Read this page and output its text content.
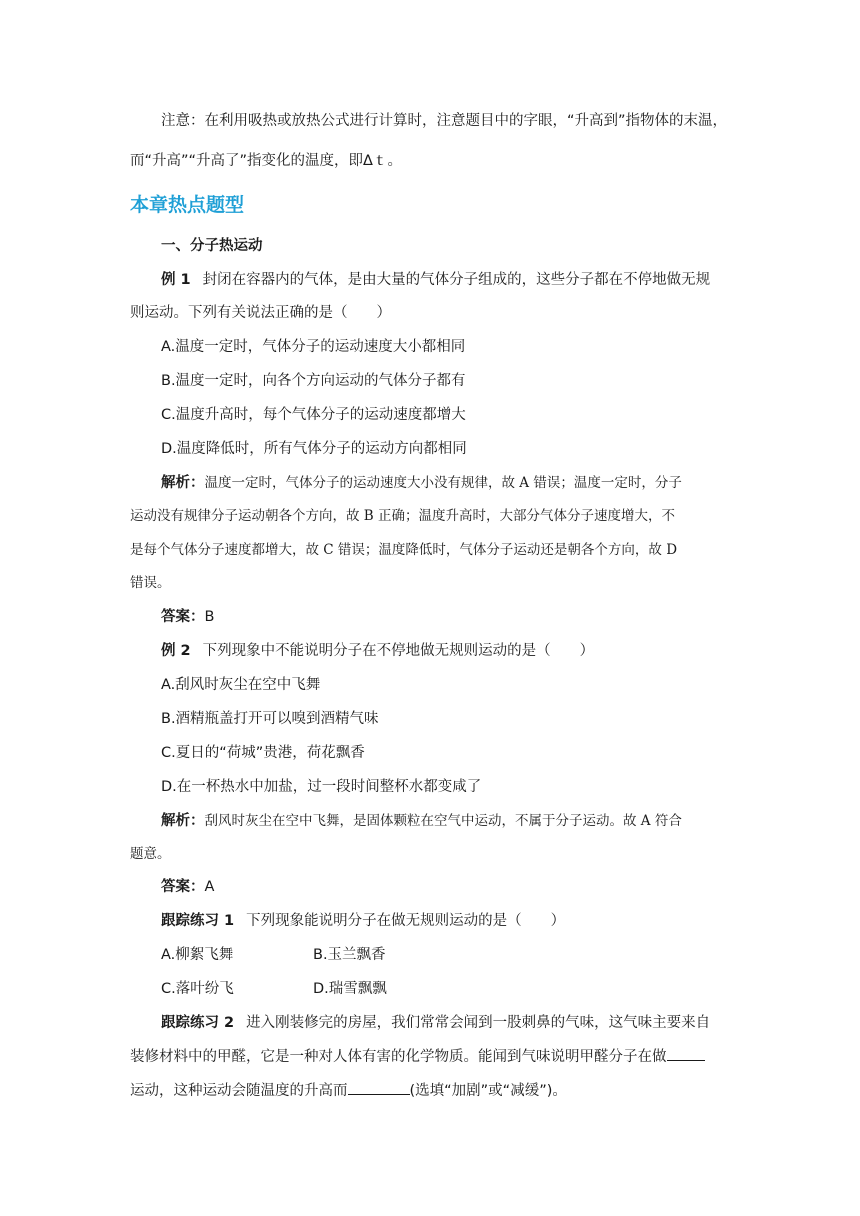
注意：在利用吸热或放热公式进行计算时，注意题目中的字眼，“升高到”指物体的末温，
而“升高”“升高了”指变化的温度，即Δｔ。
本章热点题型
一、分子热运动
例 1 封闭在容器内的气体，是由大量的气体分子组成的，这些分子都在不停地做无规
则运动。下列有关说法正确的是（　　）
A.温度一定时，气体分子的运动速度大小都相同
B.温度一定时，向各个方向运动的气体分子都有
C.温度升高时，每个气体分子的运动速度都增大
D.温度降低时，所有气体分子的运动方向都相同
解析：温度一定时，气体分子的运动速度大小没有规律，故 A 错误；温度一定时，分子
运动没有规律分子运动朝各个方向，故 B 正确；温度升高时，大部分气体分子速度增大，不
是每个气体分子速度都增大，故 C 错误；温度降低时，气体分子运动还是朝各个方向，故 D
错误。
答案：B
例 2 下列现象中不能说明分子在不停地做无规则运动的是（　　）
A.刮风时灰尘在空中飞舞
B.酒精瓶盖打开可以嗅到酒精气味
C.夏日的“荷城”贵港，荷花飘香
D.在一杯热水中加盐，过一段时间整杯水都变咸了
解析：刮风时灰尘在空中飞舞，是固体颗粒在空气中运动，不属于分子运动。故 A 符合
题意。
答案：A
跟踪练习 1 下列现象能说明分子在做无规则运动的是（　　）
A.柳絮飞舞	B.玉兰飘香
C.落叶纷飞	D.瑞雪飘飘
跟踪练习 2 进入刚装修完的房屋，我们常常会闻到一股刺鼻的气味，这气味主要来自
装修材料中的甲醛，它是一种对人体有害的化学物质。能闻到气味说明甲醛分子在做
运动，这种运动会随温度的升高而	(选填“加剧”或“减缓”)。
